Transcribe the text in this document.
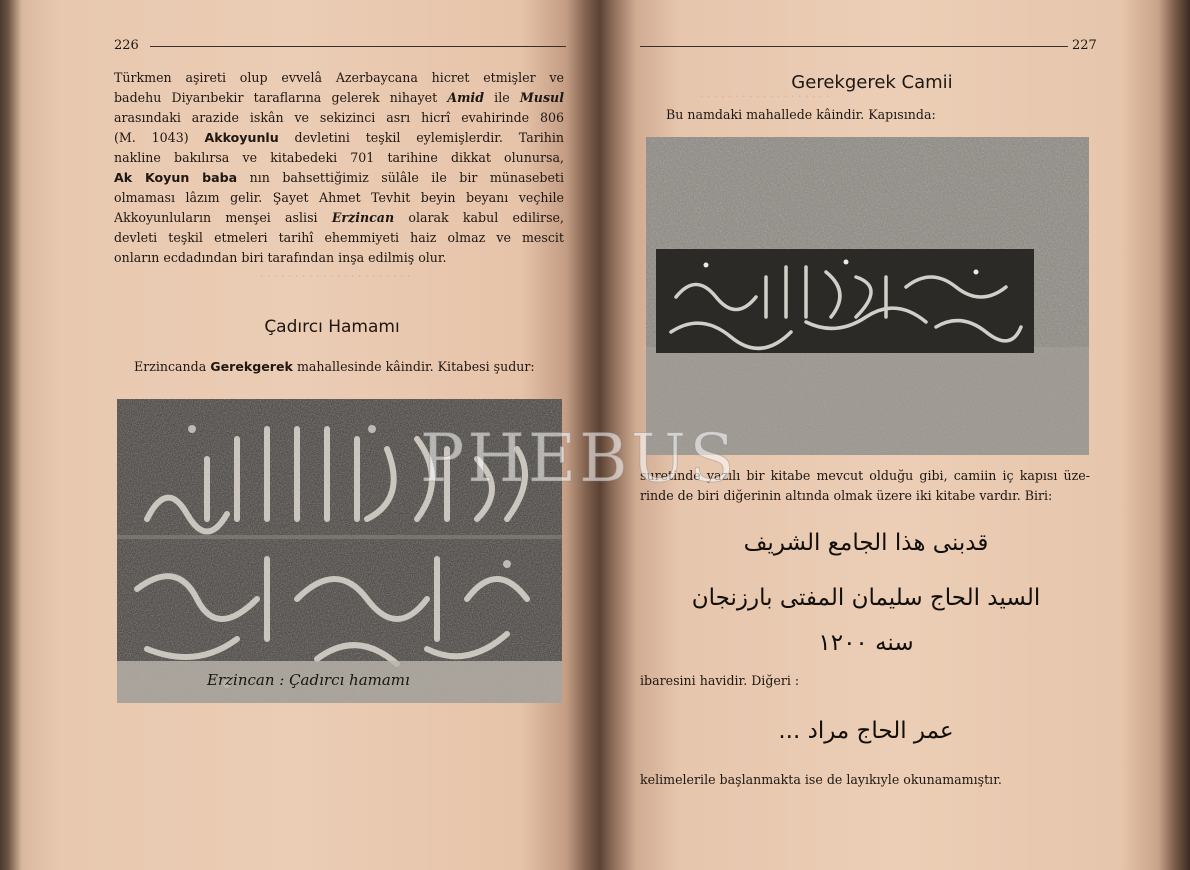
· · · · · · · · · · · · · · · · · · · · · ·
· · · · · · · · · · · · · · · · · · ·
226
Türkmen aşireti olup evvelâ Azerbaycana hicret etmişler ve
badehu Diyarıbekir taraflarına gelerek nihayet Amid ile Musul
arasındaki arazide iskân ve sekizinci asrı hicrî evahirinde 806
(M. 1043) Akkoyunlu devletini teşkil eylemişlerdir. Tarihin
nakline bakılırsa ve kitabedeki 701 tarihine dikkat olunursa,
Ak Koyun baba nın bahsettiğimiz sülâle ile bir münasebeti
olmaması lâzım gelir. Şayet Ahmet Tevhit beyin beyanı veçhile
Akkoyunluların menşei aslisi Erzincan olarak kabul edilirse,
devleti teşkil etmeleri tarihî ehemmiyeti haiz olmaz ve mescit
onların ecdadından biri tarafından inşa edilmiş olur.
Çadırcı Hamamı
Erzincanda Gerekgerek mahallesinde kâindir. Kitabesi şudur:
Erzincan : Çadırcı hamamı
227
Gerekgerek Camii
Bu namdaki mahallede kâindir. Kapısında:
suretinde yazılı bir kitabe mevcut olduğu gibi, camiin iç kapısı üze-
rinde de biri diğerinin altında olmak üzere iki kitabe vardır. Biri:
قدبنى هذا الجامع الشريف
السيد الحاج سليمان المفتى بارزنجان
سنه ١٢٠٠
ibaresini havidir. Diğeri :
عمر الحاج مراد ...
kelimelerile başlanmakta ise de layıkıyle okunamamıştır.
PHEBUS
